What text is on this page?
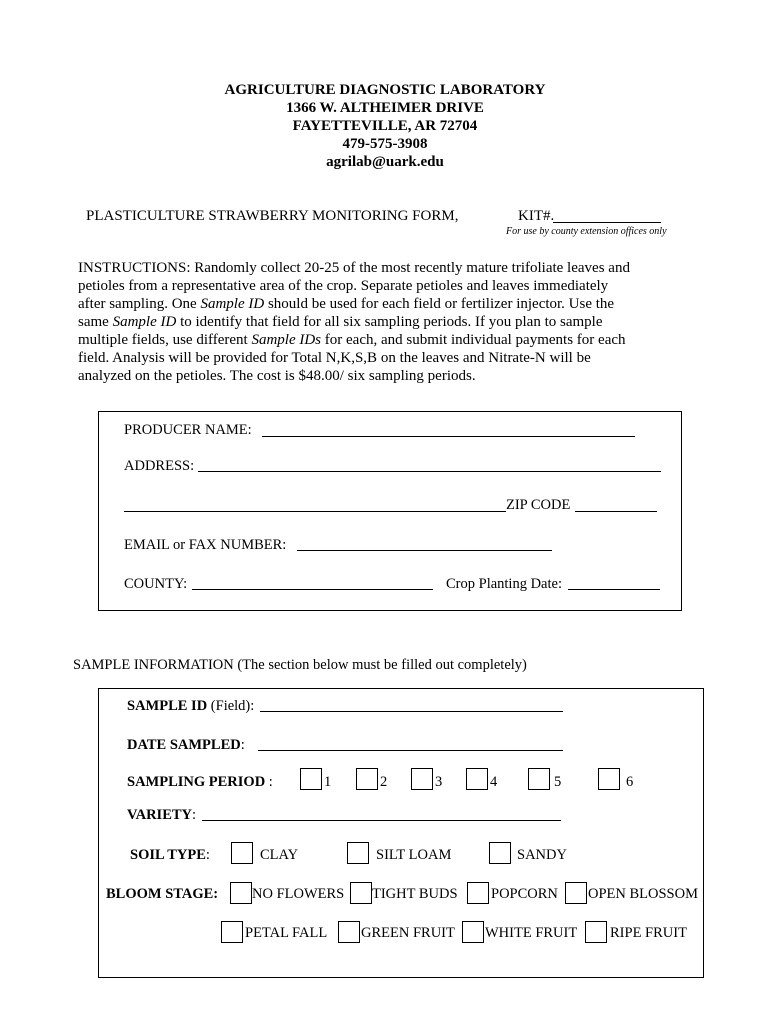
AGRICULTURE DIAGNOSTIC LABORATORY
1366 W. ALTHEIMER DRIVE
FAYETTEVILLE, AR 72704
479-575-3908
agrilab@uark.edu
PLASTICULTURE STRAWBERRY MONITORING FORM,	KIT#.
For use by county extension offices only
INSTRUCTIONS: Randomly collect 20-25 of the most recently mature trifoliate leaves and
petioles from a representative area of the crop. Separate petioles and leaves immediately
after sampling. One Sample ID should be used for each field or fertilizer injector. Use the
same Sample ID to identify that field for all six sampling periods. If you plan to sample
multiple fields, use different Sample IDs for each, and submit individual payments for each
field. Analysis will be provided for Total N,K,S,B on the leaves and Nitrate-N will be
analyzed on the petioles. The cost is $48.00/ six sampling periods.
PRODUCER NAME:
ADDRESS:
ZIP CODE
EMAIL or FAX NUMBER:
COUNTY:	Crop Planting Date:
SAMPLE INFORMATION (The section below must be filled out completely)
SAMPLE ID (Field):
DATE SAMPLED:
SAMPLING PERIOD :	1	2	3	4	5	6
VARIETY:
SOIL TYPE:	CLAY	SILT LOAM	SANDY
BLOOM STAGE: NO FLOWERS TIGHT BUDS POPCORN OPEN BLOSSOM
PETAL FALL GREEN FRUIT WHITE FRUIT RIPE FRUIT
